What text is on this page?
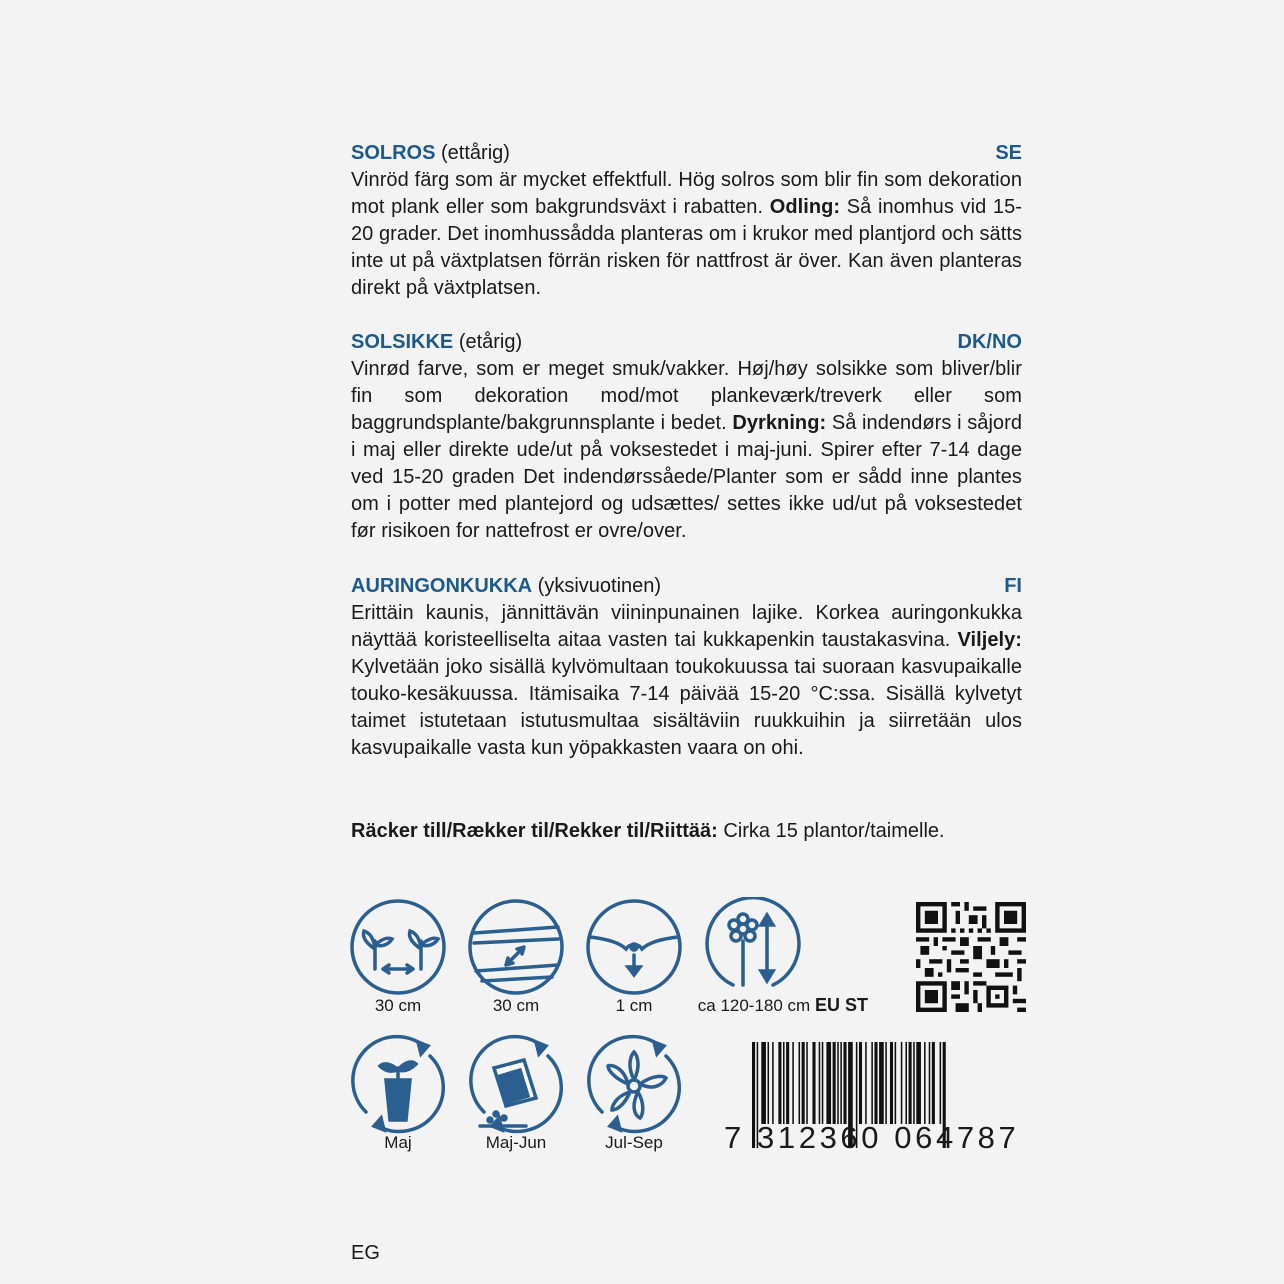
SOLROS (ettårig)	SE

Vinröd färg som är mycket effektfull. Hög solros som blir fin som dekoration mot plank eller som bakgrundsväxt i rabatten. Odling: Så inomhus vid 15-20 grader. Det inomhussådda planteras om i krukor med plantjord och sätts inte ut på växtplatsen förrän risken för nattfrost är över. Kan även planteras direkt på växtplatsen.

SOLSIKKE (etårig)	DK/NO

Vinrød farve, som er meget smuk/vakker. Høj/høy solsikke som bliver/blir fin som dekoration mod/mot plankeværk/treverk eller som baggrundsplante/bakgrunnsplante i bedet. Dyrkning: Så indendørs i såjord i maj eller direkte ude/ut på voksestedet i maj-juni. Spirer efter 7-14 dage ved 15-20 graden Det indendørssåede/Planter som er sådd inne plantes om i potter med plantejord og udsættes/ settes ikke ud/ut på voksestedet før risikoen for nattefrost er ovre/over.

AURINGONKUKKA (yksivuotinen)	FI

Erittäin kaunis, jännittävän viininpunainen lajike. Korkea auringonkukka näyttää koristeelliselta aitaa vasten tai kukkapenkin taustakasvina. Viljely: Kylvetään joko sisällä kylvömultaan toukokuussa tai suoraan kasvupaikalle touko-kesäkuussa. Itämisaika 7-14 päivää 15-20 °C:ssa. Sisällä kylvetyt taimet istutetaan istutusmultaa sisältäviin ruukkuihin ja siirretään ulos kasvupaikalle vasta kun yöpakkasten vaara on ohi.

Räcker till/Rækker til/Rekker til/Riittää: Cirka 15 plantor/taimelle.
30 cm	30 cm	1 cm	ca 120-180 cm EU ST
Maj	Maj-Jun	Jul-Sep	7 312360 064787
EG
